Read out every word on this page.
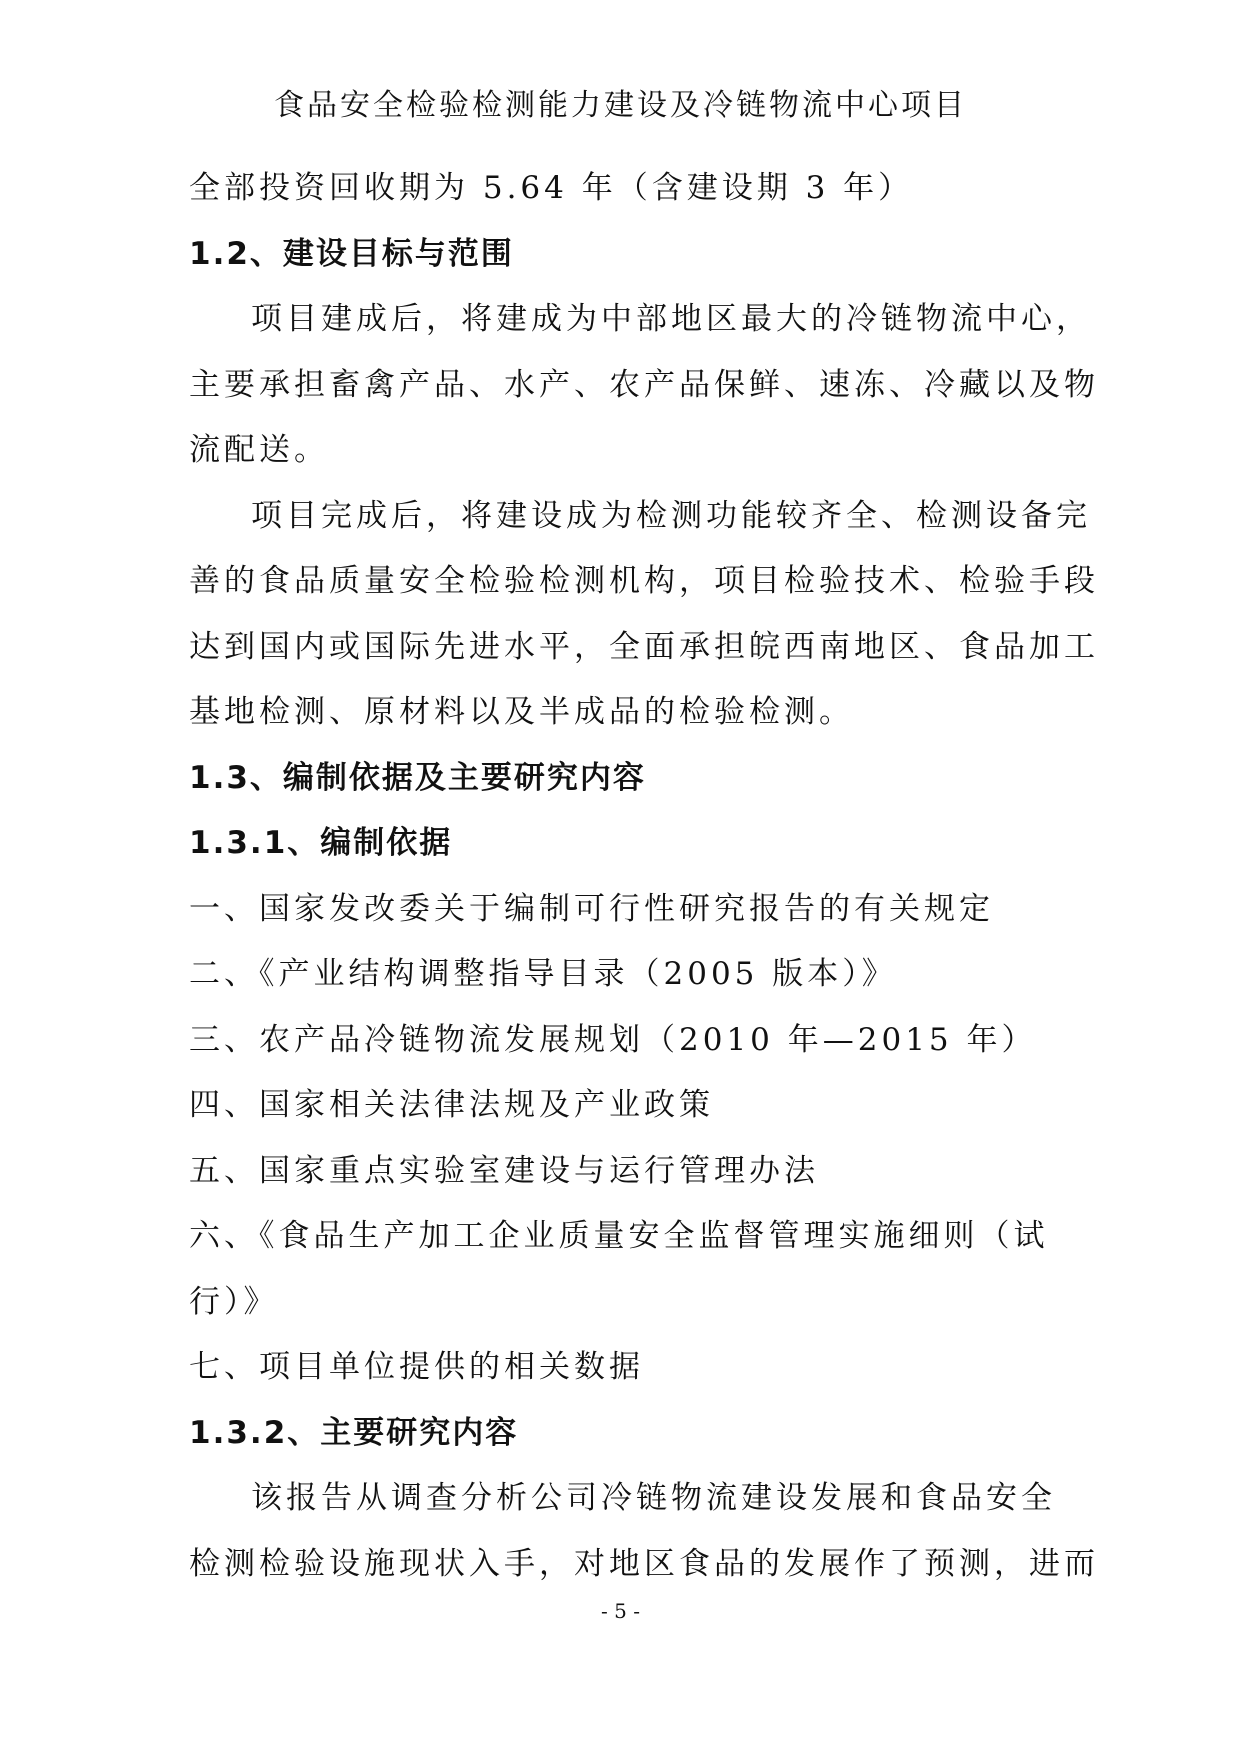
食品安全检验检测能力建设及冷链物流中心项目
全部投资回收期为 5.64 年（含建设期 3 年）
1.2、建设目标与范围
项目建成后，将建成为中部地区最大的冷链物流中心，
主要承担畜禽产品、水产、农产品保鲜、速冻、冷藏以及物
流配送。
项目完成后，将建设成为检测功能较齐全、检测设备完
善的食品质量安全检验检测机构，项目检验技术、检验手段
达到国内或国际先进水平，全面承担皖西南地区、食品加工
基地检测、原材料以及半成品的检验检测。
1.3、编制依据及主要研究内容
1.3.1、编制依据
一、国家发改委关于编制可行性研究报告的有关规定
二、《产业结构调整指导目录（2005 版本）》
三、农产品冷链物流发展规划（2010 年—2015 年）
四、国家相关法律法规及产业政策
五、国家重点实验室建设与运行管理办法
六、《食品生产加工企业质量安全监督管理实施细则（试
行）》
七、项目单位提供的相关数据
1.3.2、主要研究内容
该报告从调查分析公司冷链物流建设发展和食品安全
检测检验设施现状入手，对地区食品的发展作了预测，进而
- 5 -
